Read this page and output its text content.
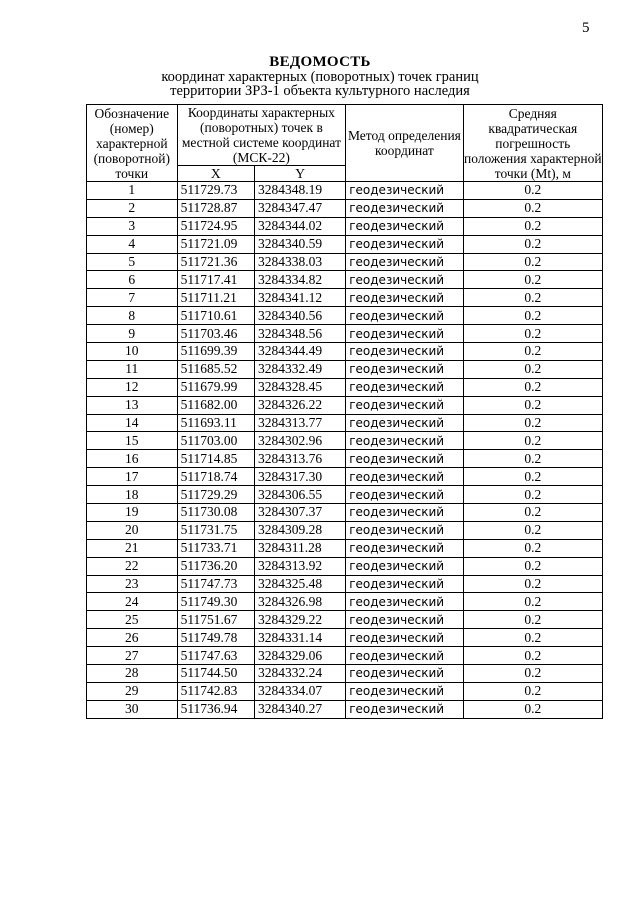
5
ВЕДОМОСТЬ
координат характерных (поворотных) точек границ
территории ЗРЗ-1 объекта культурного наследия
Обозначение (номер) характерной (поворотной) точки	Координаты характерных (поворотных) точек в местной системе координат (МСК-22)		Метод определения координат	Средняя квадратическая погрешность положения характерной точки (Mt), м
	X	Y		
1	511729.73	3284348.19	геодезический	0.2
2	511728.87	3284347.47	геодезический	0.2
3	511724.95	3284344.02	геодезический	0.2
4	511721.09	3284340.59	геодезический	0.2
5	511721.36	3284338.03	геодезический	0.2
6	511717.41	3284334.82	геодезический	0.2
7	511711.21	3284341.12	геодезический	0.2
8	511710.61	3284340.56	геодезический	0.2
9	511703.46	3284348.56	геодезический	0.2
10	511699.39	3284344.49	геодезический	0.2
11	511685.52	3284332.49	геодезический	0.2
12	511679.99	3284328.45	геодезический	0.2
13	511682.00	3284326.22	геодезический	0.2
14	511693.11	3284313.77	геодезический	0.2
15	511703.00	3284302.96	геодезический	0.2
16	511714.85	3284313.76	геодезический	0.2
17	511718.74	3284317.30	геодезический	0.2
18	511729.29	3284306.55	геодезический	0.2
19	511730.08	3284307.37	геодезический	0.2
20	511731.75	3284309.28	геодезический	0.2
21	511733.71	3284311.28	геодезический	0.2
22	511736.20	3284313.92	геодезический	0.2
23	511747.73	3284325.48	геодезический	0.2
24	511749.30	3284326.98	геодезический	0.2
25	511751.67	3284329.22	геодезический	0.2
26	511749.78	3284331.14	геодезический	0.2
27	511747.63	3284329.06	геодезический	0.2
28	511744.50	3284332.24	геодезический	0.2
29	511742.83	3284334.07	геодезический	0.2
30	511736.94	3284340.27	геодезический	0.2
